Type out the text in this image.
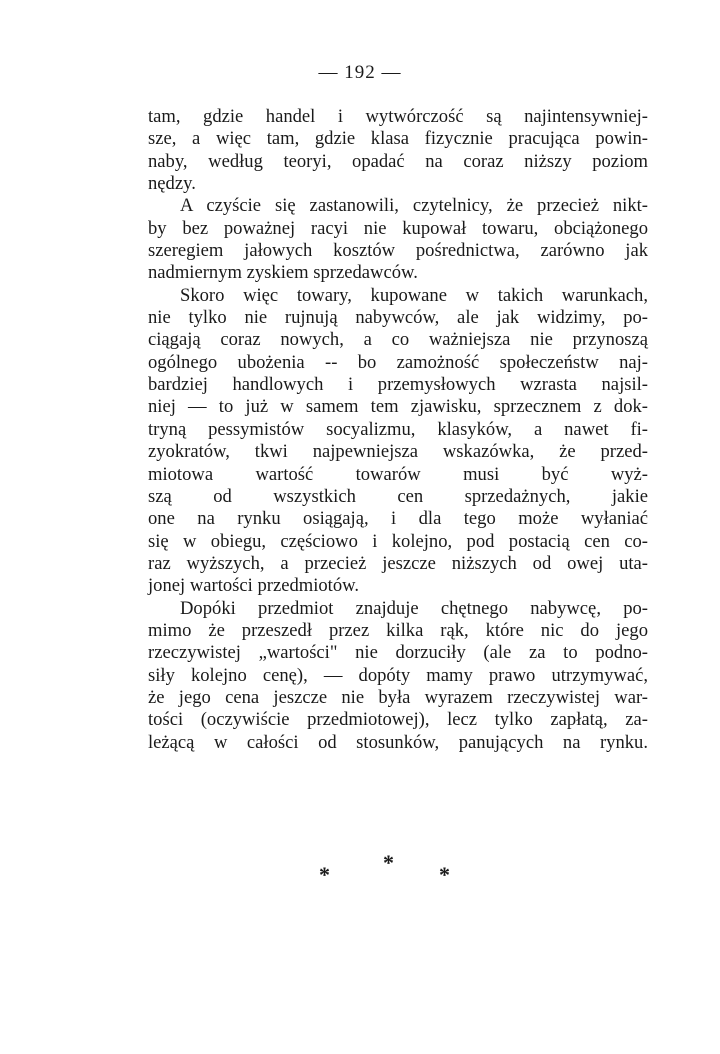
— 192 —
tam, gdzie handel i wytwórczość są najintensywniej-
sze, a więc tam, gdzie klasa fizycznie pracująca powin-
naby, według teoryi, opadać na coraz niższy poziom
nędzy.
A czyście się zastanowili, czytelnicy, że przecież nikt-
by bez poważnej racyi nie kupował towaru, obciążonego
szeregiem jałowych kosztów pośrednictwa, zarówno jak
nadmiernym zyskiem sprzedawców.
Skoro więc towary, kupowane w takich warunkach,
nie tylko nie rujnują nabywców, ale jak widzimy, po-
ciągają coraz nowych, a co ważniejsza nie przynoszą
ogólnego ubożenia -- bo zamożność społeczeństw naj-
bardziej handlowych i przemysłowych wzrasta najsil-
niej — to już w samem tem zjawisku, sprzecznem z dok-
tryną pessymistów socyalizmu, klasyków, a nawet fi-
zyokratów, tkwi najpewniejsza wskazówka, że przed-
miotowa wartość towarów musi być wyż-
szą od wszystkich cen sprzedażnych, jakie
one na rynku osiągają, i dla tego może wyłaniać
się w obiegu, częściowo i kolejno, pod postacią cen co-
raz wyższych, a przecież jeszcze niższych od owej uta-
jonej wartości przedmiotów.
Dopóki przedmiot znajduje chętnego nabywcę, po-
mimo że przeszedł przez kilka rąk, które nic do jego
rzeczywistej „wartości" nie dorzuciły (ale za to podno-
siły kolejno cenę), — dopóty mamy prawo utrzymywać,
że jego cena jeszcze nie była wyrazem rzeczywistej war-
tości (oczywiście przedmiotowej), lecz tylko zapłatą, za-
leżącą w całości od stosunków, panujących na rynku.
*
*	*
